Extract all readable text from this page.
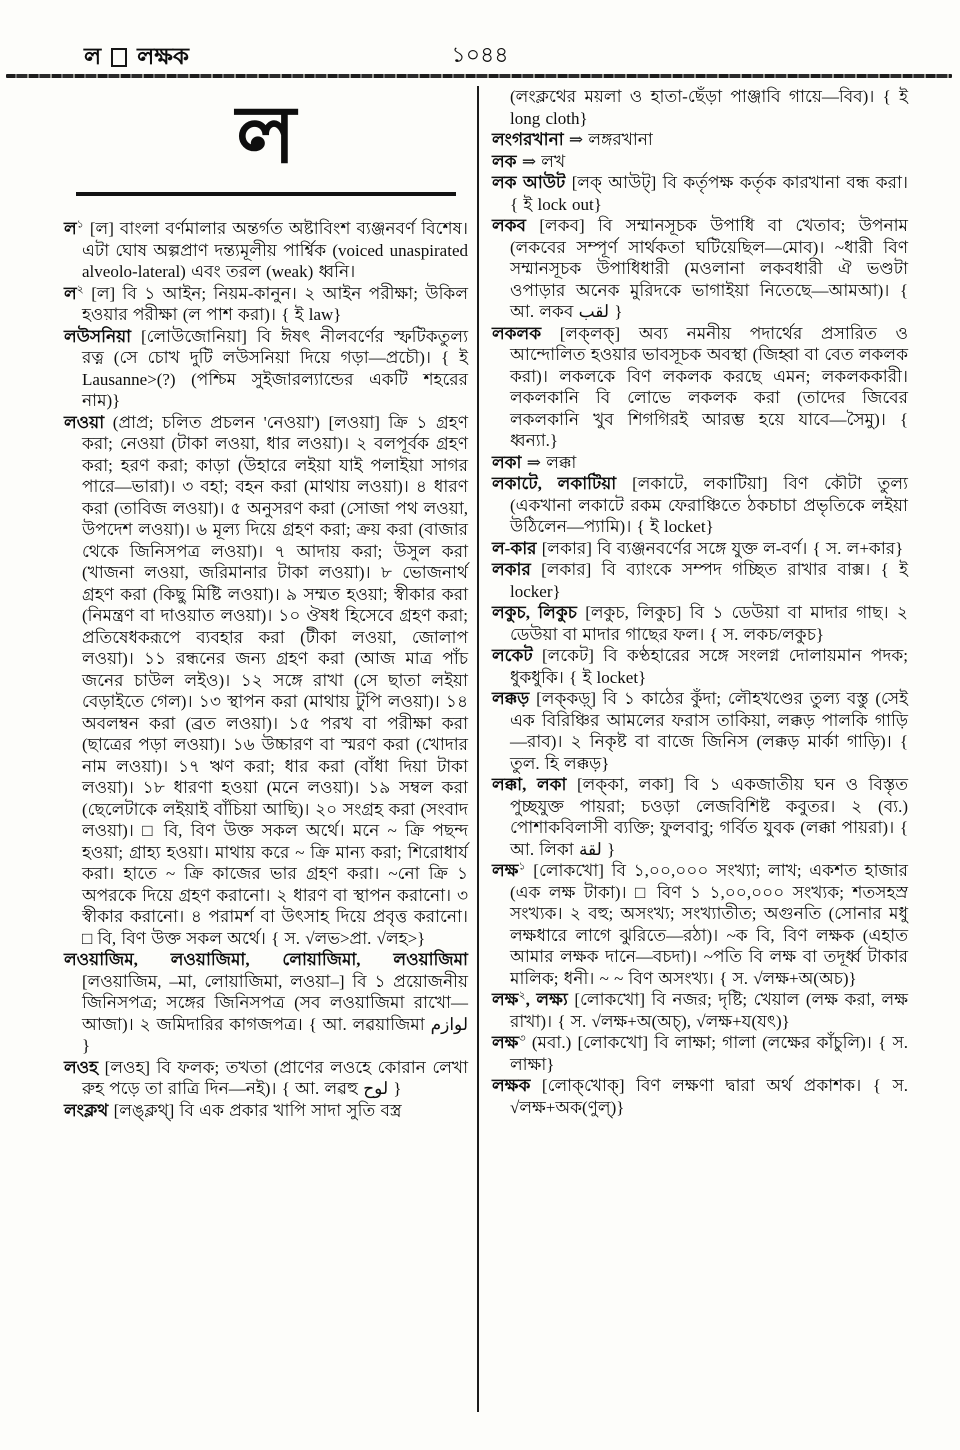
ল লক্ষক	১০৪৪
ল

ল$^১$ [ল] বাংলা বর্ণমালার অন্তর্গত অষ্টাবিংশ ব্যঞ্জনবর্ণ বিশেষ। এটা ঘোষ অল্পপ্রাণ দন্ত্যমূলীয় পার্শ্বিক (voiced unaspirated alveolo-lateral) এবং তরল (weak) ধ্বনি।

ল$^২$ [ল] বি ১ আইন; নিয়ম-কানুন। ২ আইন পরীক্ষা; উকিল হওয়ার পরীক্ষা (ল পাশ করা)। { ই law}

লউসনিয়া [লোউজোনিয়া] বি ঈষৎ নীলবর্ণের স্ফটিকতুল্য রত্ন (সে চোখ দুটি লউসনিয়া দিয়ে গড়া—প্রচৌ)। { ই Lausanne>(?) (পশ্চিম সুইজারল্যান্ডের একটি শহরের নাম)}

লওয়া (প্রাপ্র; চলিত প্রচলন 'নেওয়া') [লওয়া] ক্রি ১ গ্রহণ করা; নেওয়া (টাকা লওয়া, ধার লওয়া)। ২ বলপূর্বক গ্রহণ করা; হরণ করা; কাড়া (উহারে লইয়া যাই পলাইয়া সাগর পারে—ভারা)। ৩ বহা; বহন করা (মাথায় লওয়া)। ৪ ধারণ করা (তাবিজ লওয়া)। ৫ অনুসরণ করা (সোজা পথ লওয়া, উপদেশ লওয়া)। ৬ মূল্য দিয়ে গ্রহণ করা; ক্রয় করা (বাজার থেকে জিনিসপত্র লওয়া)। ৭ আদায় করা; উসুল করা (খাজনা লওয়া, জরিমানার টাকা লওয়া)। ৮ ভোজনার্থ গ্রহণ করা (কিছু মিষ্টি লওয়া)। ৯ সম্মত হওয়া; স্বীকার করা (নিমন্ত্রণ বা দাওয়াত লওয়া)। ১০ ঔষধ হিসেবে গ্রহণ করা; প্রতিষেধকরূপে ব্যবহার করা (টীকা লওয়া, জোলাপ লওয়া)। ১১ রন্ধনের জন্য গ্রহণ করা (আজ মাত্র পাঁচ জনের চাউল লইও)। ১২ সঙ্গে রাখা (সে ছাতা লইয়া বেড়াইতে গেল)। ১৩ স্থাপন করা (মাথায় টুপি লওয়া)। ১৪ অবলম্বন করা (ব্রত লওয়া)। ১৫ পরখ বা পরীক্ষা করা (ছাত্রের পড়া লওয়া)। ১৬ উচ্চারণ বা স্মরণ করা (খোদার নাম লওয়া)। ১৭ ঋণ করা; ধার করা (বাঁধা দিয়া টাকা লওয়া)। ১৮ ধারণা হওয়া (মনে লওয়া)। ১৯ সম্বল করা (ছেলেটাকে লইয়াই বাঁচিয়া আছি)। ২০ সংগ্রহ করা (সংবাদ লওয়া)। □ বি, বিণ উক্ত সকল অর্থে। মনে ~ ক্রি পছন্দ হওয়া; গ্রাহ্য হওয়া। মাথায় করে ~ ক্রি মান্য করা; শিরোধার্য করা। হাতে ~ ক্রি কাজের ভার গ্রহণ করা। ~নো ক্রি ১ অপরকে দিয়ে গ্রহণ করানো। ২ ধারণ বা স্থাপন করানো। ৩ স্বীকার করানো। ৪ পরামর্শ বা উৎসাহ দিয়ে প্রবৃত্ত করানো। □ বি, বিণ উক্ত সকল অর্থে। { স. √লভ>প্রা. √লহ>}

লওয়াজিম, লওয়াজিমা, লোয়াজিমা, লওয়াজিমা [লওয়াজিম, –মা, লোয়াজিমা, লওয়া–] বি ১ প্রয়োজনীয় জিনিসপত্র; সঙ্গের জিনিসপত্র (সব লওয়াজিমা রাখো—আজা)। ২ জমিদারির কাগজপত্র। { আ. লৱয়াজিমা لوازم }

লওহ [লওহ] বি ফলক; তখতা (প্রাণের লওহে কোরান লেখা রুহ পড়ে তা রাত্রি দিন—নই)। { আ. লৱহু لوح }

লংক্লথ [লঙ্‌ক্লথ্] বি এক প্রকার খাপি সাদা সুতি বস্ত্র

(লংক্লথের ময়লা ও হাতা-ছেঁড়া পাঞ্জাবি গায়ে—বিব)। { ই long cloth}

লংগরখানা ⇒ লঙ্গরখানা

লক ⇒ লখ

লক আউট [লক্ আউট্] বি কর্তৃপক্ষ কর্তৃক কারখানা বন্ধ করা। { ই lock out}

লকব [লকব] বি সম্মানসূচক উপাধি বা খেতাব; উপনাম (লকবের সম্পূর্ণ সার্থকতা ঘটিয়েছিল—মোব)। ~ধারী বিণ সম্মানসূচক উপাধিধারী (মওলানা লকবধারী ঐ ভণ্ডটা ওপাড়ার অনেক মুরিদকে ভাগাইয়া নিতেছে—আমআ)। { আ. লকব لقب }

লকলক [লক্‌লক্] অব্য নমনীয় পদার্থের প্রসারিত ও আন্দোলিত হওয়ার ভাবসূচক অবস্থা (জিহ্বা বা বেত লকলক করা)। লকলকে বিণ লকলক করছে এমন; লকলককারী। লকলকানি বি লোভে লকলক করা (তাদের জিবের লকলকানি খুব শিগগিরই আরম্ভ হয়ে যাবে—সৈমু)। { ধ্বন্যা.}

লকা ⇒ লক্কা

লকাটে, লকাটিয়া [লকাটে, লকাটিয়া] বিণ কৌটা তুল্য (একখানা লকাটে রকম ফেরাঞ্চিতে ঠকচাচা প্রভৃতিকে লইয়া উঠিলেন—প্যামি)। { ই locket}

ল-কার [লকার] বি ব্যঞ্জনবর্ণের সঙ্গে যুক্ত ল-বর্ণ। { স. ল+কার}

লকার [লকার] বি ব্যাংকে সম্পদ গচ্ছিত রাখার বাক্স। { ই locker}

লকুচ, লিকুচ [লকুচ, লিকুচ] বি ১ ডেউয়া বা মাদার গাছ। ২ ডেউয়া বা মাদার গাছের ফল। { স. লকচ/লকুচ}

লকেট [লকেট] বি কণ্ঠহারের সঙ্গে সংলগ্ন দোলায়মান পদক; ধুকধুকি। { ই locket}

লক্কড় [লক্‌কড়্] বি ১ কাঠের কুঁদা; লৌহখণ্ডের তুল্য বস্তু (সেই এক বিরিঞ্চির আমলের ফরাস তাকিয়া, লক্কড় পালকি গাড়ি—রাব)। ২ নিকৃষ্ট বা বাজে জিনিস (লক্কড় মার্কা গাড়ি)। { তুল. হি লক্কড়}

লক্কা, লকা [লক্‌কা, লকা] বি ১ একজাতীয় ঘন ও বিস্তৃত পুচ্ছযুক্ত পায়রা; চওড়া লেজবিশিষ্ট কবুতর। ২ (ব্য.) পোশাকবিলাসী ব্যক্তি; ফুলবাবু; গর্বিত যুবক (লক্কা পায়রা)। { আ. লিকা لقة }

লক্ষ$^১$ [লোকখো] বি ১,০০,০০০ সংখ্যা; লাখ; একশত হাজার (এক লক্ষ টাকা)। □ বিণ ১ ১,০০,০০০ সংখ্যক; শতসহস্র সংখ্যক। ২ বহু; অসংখ্য; সংখ্যাতীত; অগুনতি (সোনার মধু লক্ষধারে লাগে ঝুরিতে—রঠা)। ~ক বি, বিণ লক্ষক (এহাত আমার লক্ষক দানে—বচদা)। ~পতি বি লক্ষ বা তদূর্ধ্ব টাকার মালিক; ধনী। ~ ~ বিণ অসংখ্য। { স. √লক্ষ+অ(অচ)}

লক্ষ$^২$, লক্ষ্য [লোকখো] বি নজর; দৃষ্টি; খেয়াল (লক্ষ করা, লক্ষ রাখা)। { স. √লক্ষ+অ(অচ্), √লক্ষ+য(যৎ)}

লক্ষ$^৩$ (মবা.) [লোকখো] বি লাক্ষা; গালা (লক্ষের কাঁচুলি)। { স. লাক্ষা}

লক্ষক [লোক্‌খোক্] বিণ লক্ষণা দ্বারা অর্থ প্রকাশক। { স. √লক্ষ+অক(ণুল্)}
